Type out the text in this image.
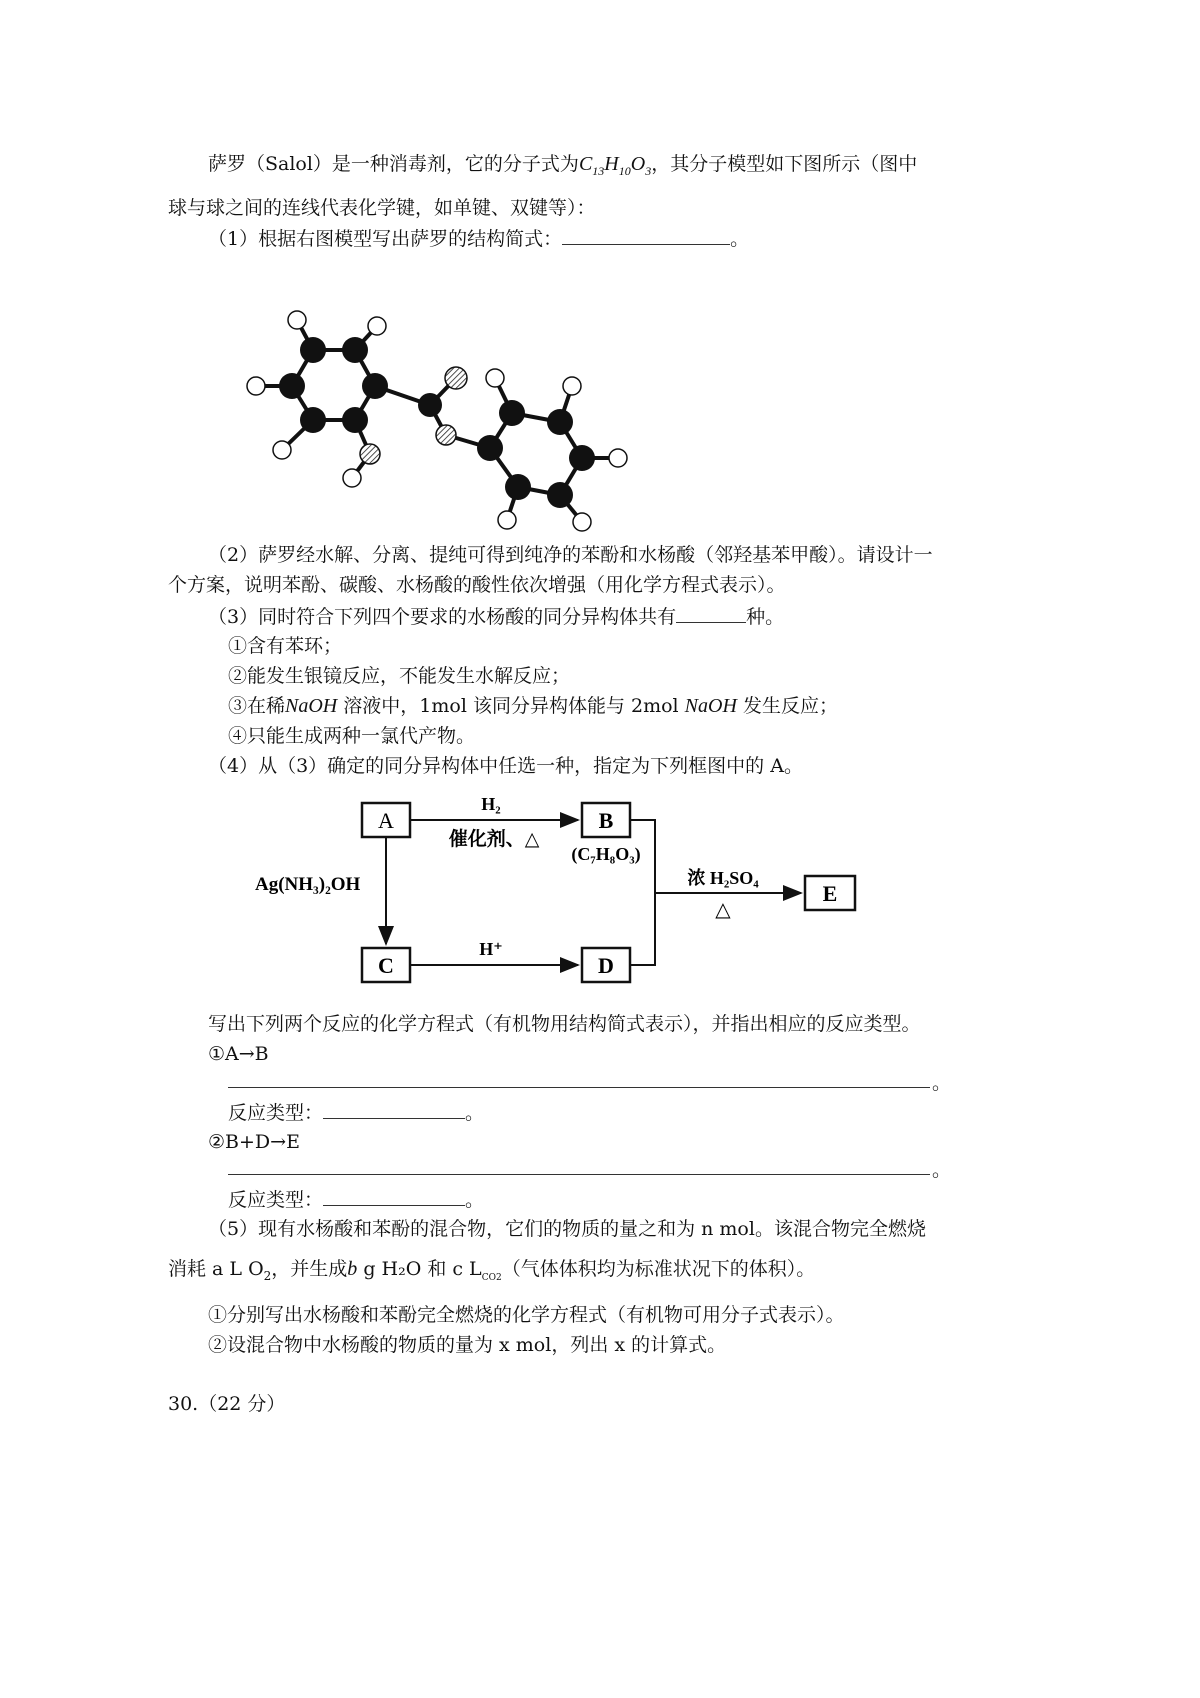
萨罗（Salol）是一种消毒剂，它的分子式为$C_{13}H_{10}O_3$，其分子模型如下图所示（图中
球与球之间的连线代表化学键，如单键、双键等）：
（1）根据右图模型写出萨罗的结构简式：	。
（2）萨罗经水解、分离、提纯可得到纯净的苯酚和水杨酸（邻羟基苯甲酸）。请设计一
个方案，说明苯酚、碳酸、水杨酸的酸性依次增强（用化学方程式表示）。
（3）同时符合下列四个要求的水杨酸的同分异构体共有	种。
①含有苯环；
②能发生银镜反应，不能发生水解反应；
③在稀NaOH 溶液中，1mol 该同分异构体能与 2mol NaOH 发生反应；
④只能生成两种一氯代产物。
（4）从（3）确定的同分异构体中任选一种，指定为下列框图中的 A。
A	B
C	D
E
H₂
催化剂、△
(C₇H₈O₃)
Ag(NH₃)₂OH
H⁺
浓 H₂SO₄
△
写出下列两个反应的化学方程式（有机物用结构简式表示），并指出相应的反应类型。
①A→B
。
反应类型：	。
②B+D→E
。
反应类型：	。
（5）现有水杨酸和苯酚的混合物，它们的物质的量之和为 n mol。该混合物完全燃烧
消耗 a L $O_2$，并生成b g H₂O 和 c $L_{CO2}$（气体体积均为标准状况下的体积）。
①分别写出水杨酸和苯酚完全燃烧的化学方程式（有机物可用分子式表示）。
②设混合物中水杨酸的物质的量为 x mol，列出 x 的计算式。
30.（22 分）
